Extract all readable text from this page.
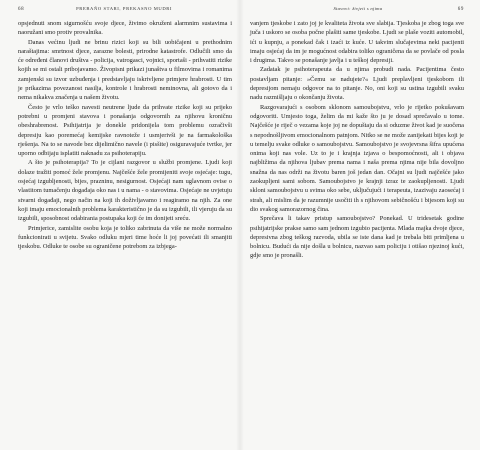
68	PREBAÑO STARI, PREKASNO MUDRI

opsjednuti snom sigurnošću svoje djece, živimo okruženi alarmnim sustavima i naoružani smo protiv provalnika.

Danas većinu ljudi ne brinu rizici koji su bili uobičajeni u prethodnim naraštajima: smrtnost djece, zarazne bolesti, prirodne katastrofe. Odlučili smo da će određeni članovi društva - policija, vatrogasci, vojnici, sportaši - prihvatiti rizike kojih se mi ostali pribojavamo. Živopisni prikazi junaštva u filmovima i romanima zamjenski su izvor uzbuđenja i predstavljaju iskrivljene primjere hrabrosti. U tim je prikazima povezanost nasilja, kontrole i hrabrosti neminovna, ali gotovo da i nema nikakva značenja u našem životu.

Često je vrlo teško navesti neutrene ljude da prihvate rizike koji su prijeko potrebni u promjeni stavova i ponašanja odgovornih za njihovu kroničnu obeshrabrenost. Psihijatrija je donekle pridonijela tom problemu ozračivši depresiju kao poremećaj kemijske ravnoteže i usmjerivši je na farmakološka rješenja. Na to se navode bez dijelimično navele (i pisšite) osiguravajuće tvrtke, jer uporno odbijaju isplatiti naknadu za psihoterapiju.

A što je psihoterapija? To je cijlani razgovor u službi promjene. Ljudi koji dolaze tražiti pomoć žele promjenu. Najčešće žele promijeniti svoje osjećaje: tugu, osjećaj izgubljenosti, bijes, prazninu, nesigurnost. Osjećaji nam uglavnom ovise o vlastitom tumačenju događaja oko nas i u nama - o stavovima. Osjećaje ne uvjetuju stvarni događaji, nego način na koji ih doživljavamo i reagiramo na njih. Za one koji imaju emocionalnih problema karakterističnо je da su izgubili, ili vjeruju da su izgubili, sposobnost odabirania postupaka koji će im donijeti sreću.

Primjerice, zamislite osobu koja je toliko zabrinuta da više ne može normalno funkcionirati u svijetu. Svako odluku mjeri time hoće li joj povećati ili smanjiti tjeskobu. Odluke te osobe su ograničene potrebom za izbjega-

Stavovi: živjeti s njima	69

vanjem tjeskobe i zato joj je kvaliteta života sve slabija. Tjeskoba je zbog toga sve juča i uskoro se osoba počne plašiti same tjeskobe. Ljudi se plaše voziti automobil, ići u kupnju, a ponekad čak i izaći iz kuće. U takvim slučajevima neki pacijenti imaju osjećaj da im je mogućnost odabira toliko ograničena da se povlače od posla i drugima. Takvo se ponašanje javlja i u teškoj depresiji.

Zadatak je psihoterapeuta da u njima probudi nada. Pacijentima često postavljam pitanje: »Čemu se nadujete?« Ljudi preplavljeni tjeskobom ili depresijom nemaju odgovor na to pitanje. No, oni koji su ustina izgubili svaku nadu razmišljaju o okončanju života.

Razgovarajući s osobom sklonom samoubojstvu, vrlo je rijetko pokušavam odgovoriti. Umjesto toga, želim da mi kaže što ju je dosad sprečavalo u tome. Najčešće je riječ o vezama koje joj ne dopuštaju da si oduzme život kad je suočena s nepodnošljivom emocionalnom patnjom. Nitko se ne može zanijekati bijes koji je u temelju svake odluke o samoubojstvu. Samoubojstvo je svojevrsna šifra upućena onima koji nas vole. Uz to je i krajnja izjava o bespomoćnosti, ali i objava najbližima da njihova ljubav prema nama i naša prema njima nije bila dovoljno snažna da nas održi na životu baren još jedan dan. Očajni su ljudi najčešće jako zaokupljeni sami sobom. Samoubojstvo je krajnji izraz te zaokupljenosti. Ljudi skloni samoubojstvu u svima oko sebe, uključujući i terapeuta, izazivaju zaosećaj i strah, ali mislim da je razumnije usočiti ih s njihovom sebičnošću i bijesom koji su dio svakog samorazornog čina.

Sprečava li takav pristup samoubojstvo? Ponekad. U tridesetak godine psihijatrijske prakse samo sam jednom izgubio pacijenta. Mlada majka dvoje djece, depresivna zbog teškog razvoda, ubila se iste dana kad je trebala biti primljena u bolnicu. Budući da nije došla u bolnicu, nazvao sam policiju i otišao njezinoj kući, gdje smo je pronašli.
